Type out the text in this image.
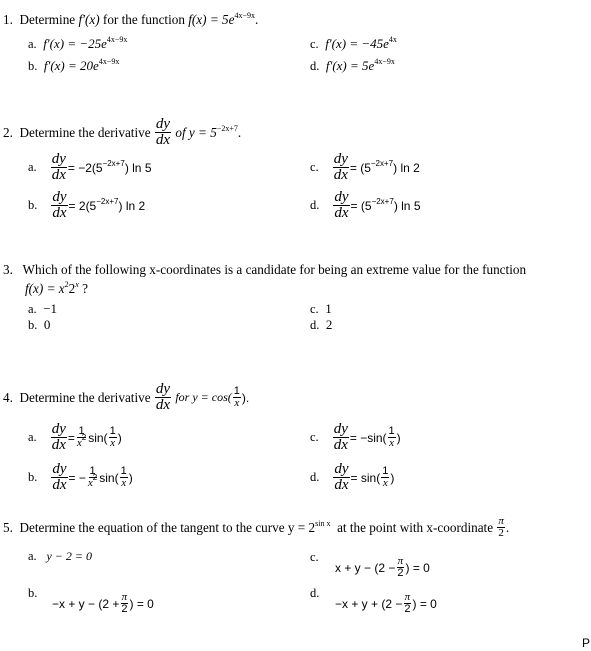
1. Determine f′(x) for the function $f(x) = 5e^{4x-9x}$.
a. $f'(x) = -25e^{4x-9x}$
b. $f'(x) = 20e^{4x-9x}$
c. $f'(x) = -45e^{4x}$
d. $f'(x) = 5e^{4x-9x}$
2.
Determine the derivative
$\frac{dy}{dx}$
of $y = 5^{-2x+7}$.
a.
$\frac{dy}{dx} = -2(5^{-2x+7})$ ln 5
b.
$\frac{dy}{dx} = 2(5^{-2x+7})$ ln 2
c.
$\frac{dy}{dx} = (5^{-2x+7})$ ln 2
d.
$\frac{dy}{dx} = (5^{-2x+7})$ ln 5
3. Which of the following x-coordinates is a candidate for being an extreme value for the function
$f(x) = x^22^x$ ?
a. −1
b. 0
c. 1
d. 2
4.
Determine the derivative
$\frac{dy}{dx}$
for $y = \cos( \frac{1}{x}$ ).
a.
$\frac{dy}{dx} = \frac{1}{x^2} \sin( \frac{1}{x}$ )
b.
$\frac{dy}{dx}$ = − $\frac{1}{x^2} \sin( \frac{1}{x}$ )
c.
$\frac{dy}{dx} = -\sin( \frac{1}{x}$ )
d.
$\frac{dy}{dx} = \sin( \frac{1}{x}$ )
5.
Determine the equation of the tangent to the curve $y = 2^{sin x}$
at the point with x-coordinate
$\frac{\pi}{2}$ .
a. y − 2 = 0
b.
$-x + y - (2 + \frac{\pi}{2}$ ) = 0
c.
$x + y - (2 - \frac{\pi}{2}$ ) = 0
d.
$-x + y + (2 - \frac{\pi}{2}$ ) = 0
P
